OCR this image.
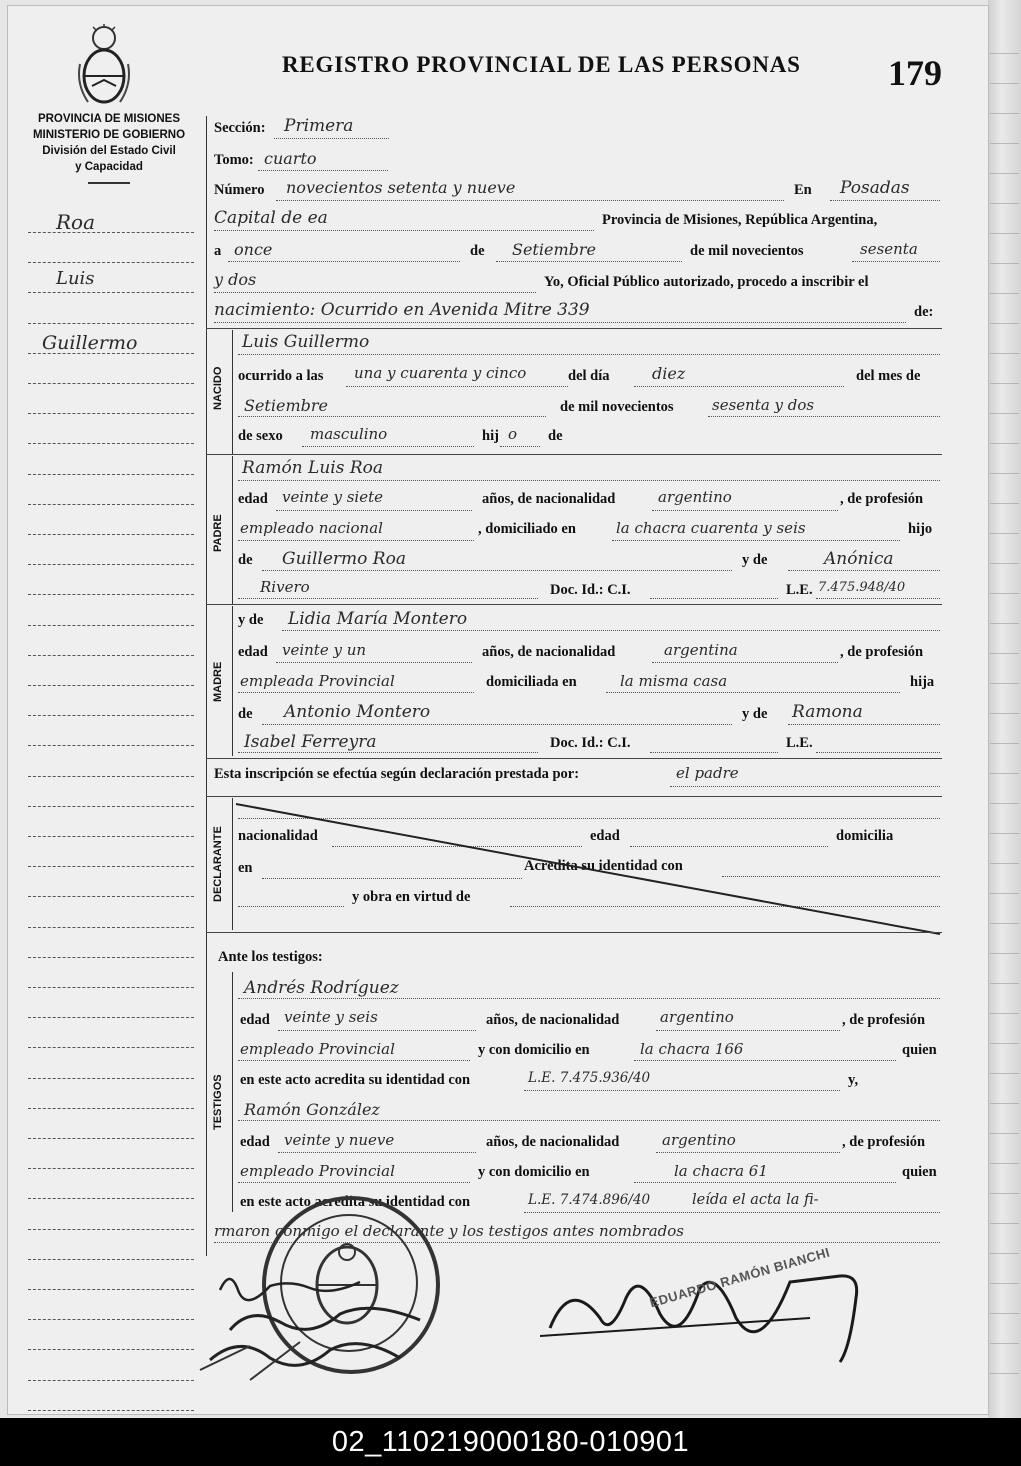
REGISTRO PROVINCIAL DE LAS PERSONAS 179
PROVINCIA DE MISIONES
MINISTERIO DE GOBIERNO
División del Estado Civil
y Capacidad
Roa
Luis
Guillermo
Sección: Primera
Tomo: cuarto
Número novecientos setenta y nueve	En Posadas
Capital de ea	Provincia de Misiones, República Argentina,
a once	de Setiembre	de mil novecientos	sesenta
y dos	Yo, Oficial Público autorizado, procedo a inscribir el
nacimiento: Ocurrido en Avenida Mitre 339	de:
NACIDO
Luis Guillermo
ocurrido a las una y cuarenta y cinco	del día	diez	del mes de
Setiembre	de mil novecientos	sesenta y dos
de sexo masculino	hij o de
PADRE
Ramón Luis Roa
edad veinte y siete	años, de nacionalidad	argentino	, de profesión
empleado nacional	, domiciliado en	la chacra cuarenta y seis	hijo
de Guillermo Roa	y de	Anónica
Rivero	Doc. Id.: C.I.	L.E. 7.475.948/40
MADRE
y de Lidia María Montero
edad veinte y un	años, de nacionalidad	argentina	, de profesión
empleada Provincial	domiciliada en	la misma casa	hija
de Antonio Montero	y de Ramona
Isabel Ferreyra	Doc. Id.: C.I.	L.E.
Esta inscripción se efectúa según declaración prestada por:	el padre
DECLARANTE nacionalidad	edad	domicilia
en	Acredita su identidad con
y obra en virtud de
Ante los testigos:
TESTIGOS
Andrés Rodríguez
edad veinte y seis	años, de nacionalidad	argentino	, de profesión
empleado Provincial	y con domicilio en	la chacra 166	quien
en este acto acredita su identidad con	L.E. 7.475.936/40	y,
Ramón González
edad veinte y nueve	años, de nacionalidad	argentino	, de profesión
empleado Provincial	y con domicilio en	la chacra 61	quien
en este acto acredita su identidad con	L.E. 7.474.896/40	leída el acta la fi-
rmaron conmigo el declarante y los testigos antes nombrados
EDUARDO RAMÓN BIANCHI
02_110219000180-010901
